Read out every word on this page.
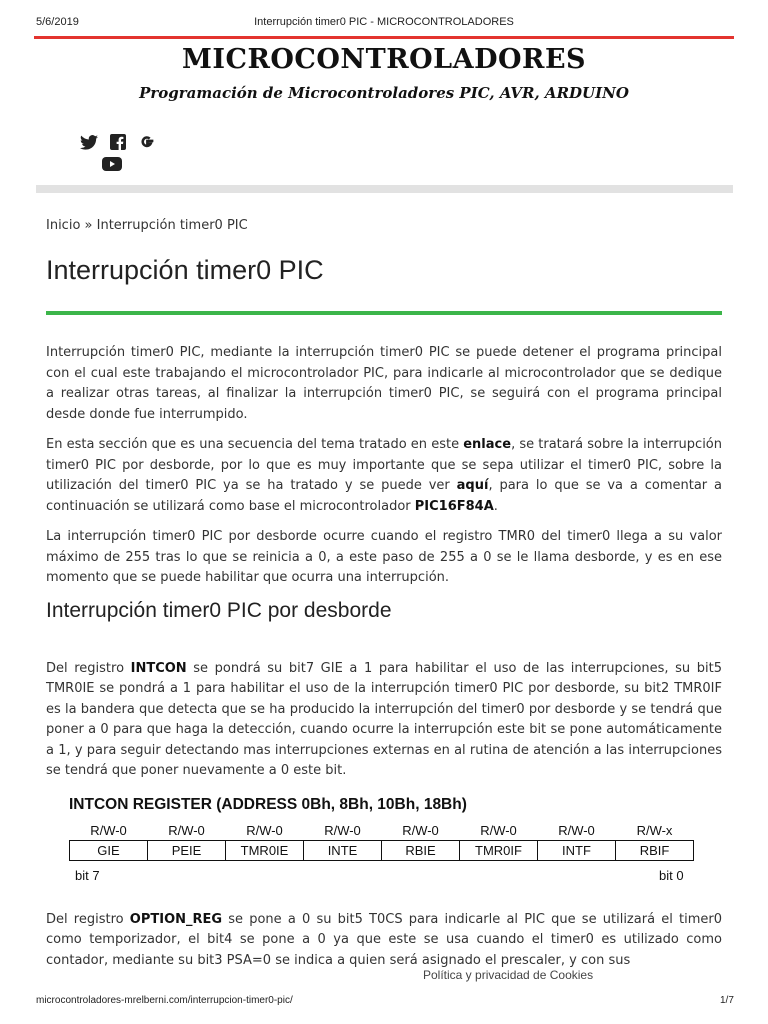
5/6/2019	Interrupción timer0 PIC - MICROCONTROLADORES
MICROCONTROLADORES

Programación de Microcontroladores PIC, AVR, ARDUINO

Inicio » Interrupción timer0 PIC
Interrupción timer0 PIC

Interrupción timer0 PIC, mediante la interrupción timer0 PIC se puede detener el programa principal con el cual este trabajando el microcontrolador PIC, para indicarle al microcontrolador que se dedique a realizar otras tareas, al finalizar la interrupción timer0 PIC, se seguirá con el programa principal desde donde fue interrumpido.

En esta sección que es una secuencia del tema tratado en este enlace, se tratará sobre la interrupción timer0 PIC por desborde, por lo que es muy importante que se sepa utilizar el timer0 PIC, sobre la utilización del timer0 PIC ya se ha tratado y se puede ver aquí, para lo que se va a comentar a continuación se utilizará como base el microcontrolador PIC16F84A.

La interrupción timer0 PIC por desborde ocurre cuando el registro TMR0 del timer0 llega a su valor máximo de 255 tras lo que se reinicia a 0, a este paso de 255 a 0 se le llama desborde, y es en ese momento que se puede habilitar que ocurra una interrupción.

Interrupción timer0 PIC por desborde

Del registro INTCON se pondrá su bit7 GIE a 1 para habilitar el uso de las interrupciones, su bit5 TMR0IE se pondrá a 1 para habilitar el uso de la interrupción timer0 PIC por desborde, su bit2 TMR0IF es la bandera que detecta que se ha producido la interrupción del timer0 por desborde y se tendrá que poner a 0 para que haga la detección, cuando ocurre la interrupción este bit se pone automáticamente a 1, y para seguir detectando mas interrupciones externas en al rutina de atención a las interrupciones se tendrá que poner nuevamente a 0 este bit.

INTCON REGISTER (ADDRESS 0Bh, 8Bh, 10Bh, 18Bh)
R/W-0	R/W-0	R/W-0	R/W-0	R/W-0	R/W-0	R/W-0	R/W-x
GIE	PEIE	TMR0IE	INTE	RBIE	TMR0IF	INTF	RBIF
bit 7	bit 0

Del registro OPTION_REG se pone a 0 su bit5 T0CS para indicarle al PIC que se utilizará el timer0 como temporizador, el bit4 se pone a 0 ya que este se usa cuando el timer0 es utilizado como contador, mediante su bit3 PSA=0 se indica a quien será asignado el prescaler, y con sus

Política y privacidad de Cookies
microcontroladores-mrelberni.com/interrupcion-timer0-pic/	1/7
